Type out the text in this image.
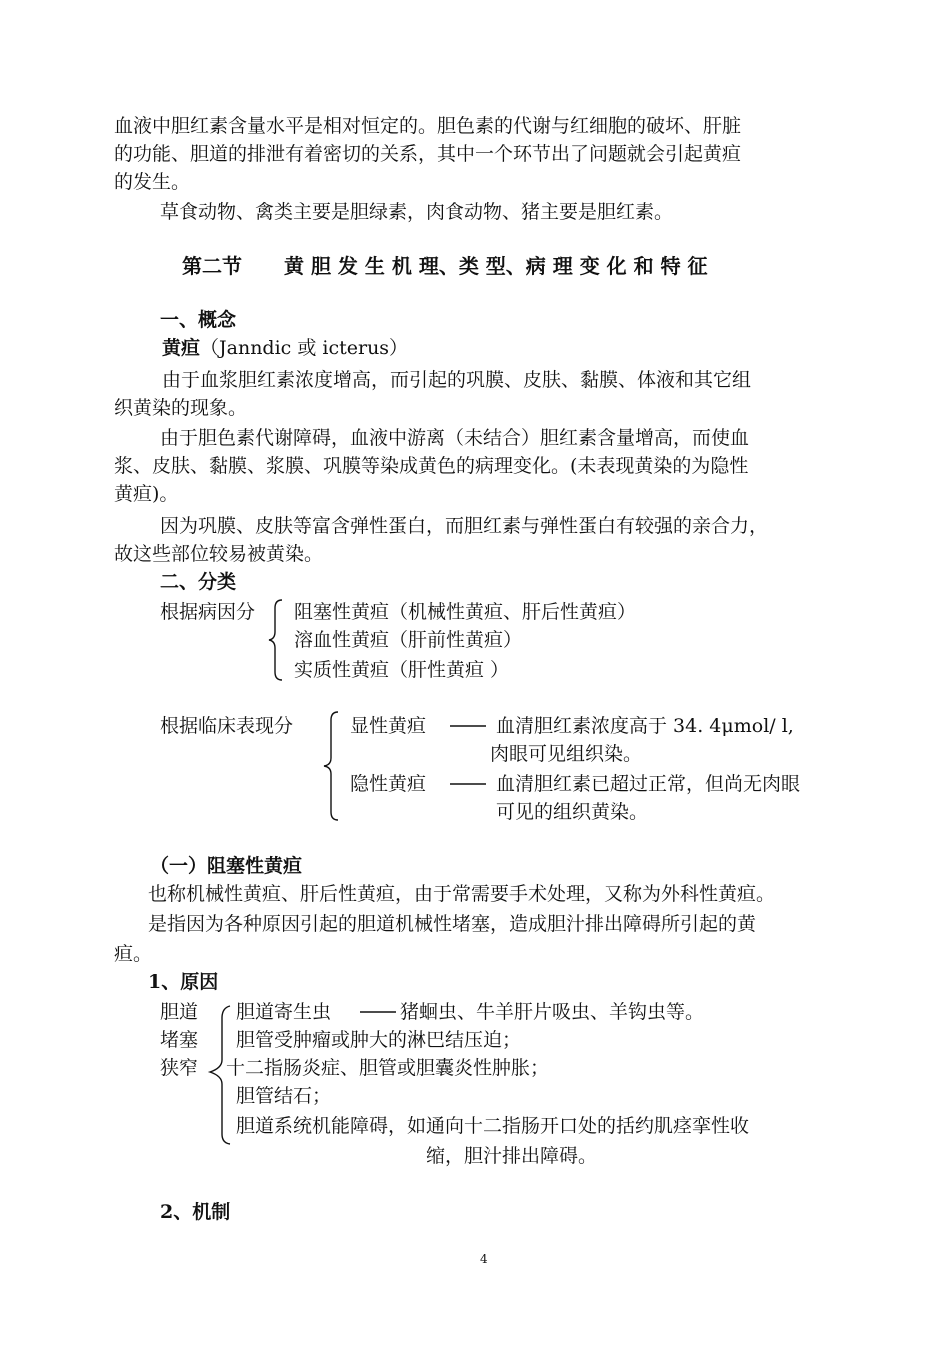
血液中胆红素含量水平是相对恒定的。胆色素的代谢与红细胞的破坏、肝脏
的功能、胆道的排泄有着密切的关系，其中一个环节出了问题就会引起黄疸
的发生。
草食动物、禽类主要是胆绿素，肉食动物、猪主要是胆红素。
第二节 黄 胆 发 生 机 理、类 型、病 理 变 化 和 特 征
一、概念
黄疸（Janndic 或 icterus）
由于血浆胆红素浓度增高，而引起的巩膜、皮肤、黏膜、体液和其它组
织黄染的现象。
由于胆色素代谢障碍，血液中游离（未结合）胆红素含量增高，而使血
浆、皮肤、黏膜、浆膜、巩膜等染成黄色的病理变化。(未表现黄染的为隐性
黄疸)。
因为巩膜、皮肤等富含弹性蛋白，而胆红素与弹性蛋白有较强的亲合力，
故这些部位较易被黄染。
二、分类
根据病因分 阻塞性黄疸（机械性黄疸、肝后性黄疸）
溶血性黄疸（肝前性黄疸）
实质性黄疸（肝性黄疸 ）
根据临床表现分	显性黄疸	血清胆红素浓度高于 34. 4μmol/ l,
肉眼可见组织染。
隐性黄疸	血清胆红素已超过正常，但尚无肉眼
可见的组织黄染。
（一）阻塞性黄疸
也称机械性黄疸、肝后性黄疸，由于常需要手术处理，又称为外科性黄疸。
是指因为各种原因引起的胆道机械性堵塞，造成胆汁排出障碍所引起的黄
疸。
1、原因
胆道
堵塞
狭窄
胆道寄生虫	猪蛔虫、牛羊肝片吸虫、羊钩虫等。
胆管受肿瘤或肿大的淋巴结压迫；
十二指肠炎症、胆管或胆囊炎性肿胀；
胆管结石；
胆道系统机能障碍，如通向十二指肠开口处的括约肌痉挛性收
缩，胆汁排出障碍。
2、机制
4
